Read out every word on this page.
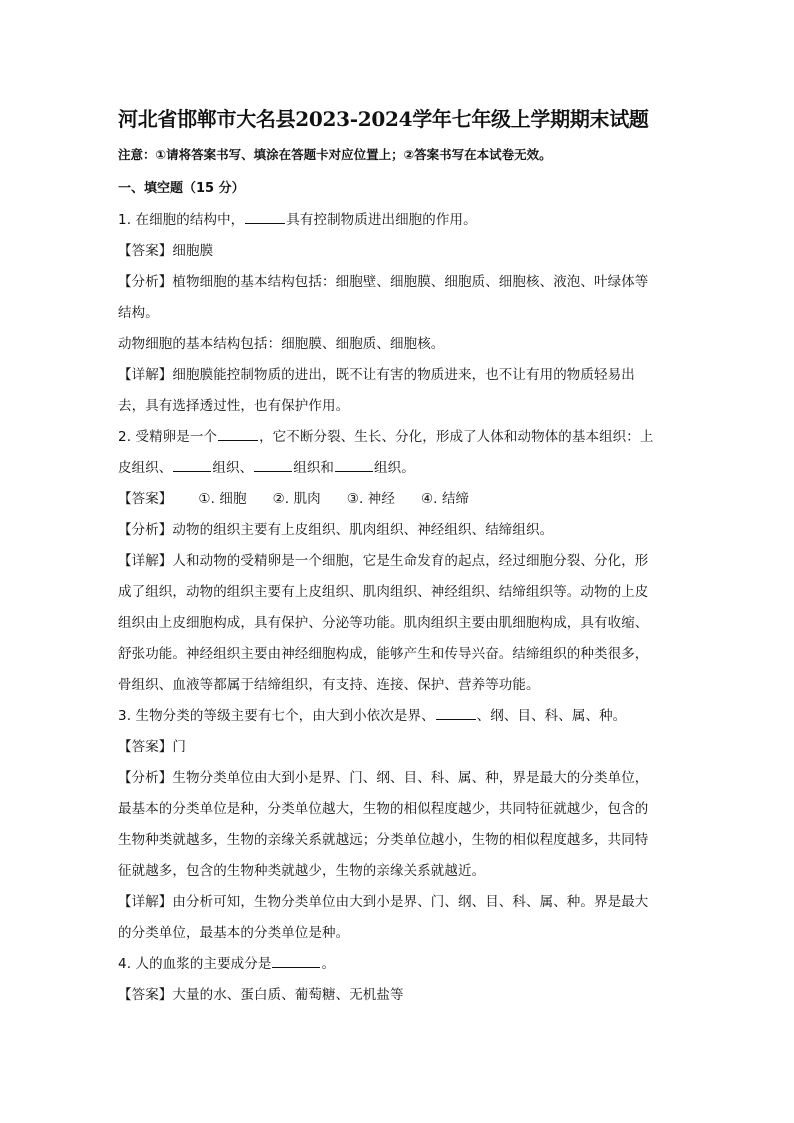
河北省邯郸市大名县2023-2024学年七年级上学期期末试题
注意：①请将答案书写、填涂在答题卡对应位置上；②答案书写在本试卷无效。
一、填空题（15 分）

1. 在细胞的结构中，	具有控制物质进出细胞的作用。

【答案】细胞膜

【分析】植物细胞的基本结构包括：细胞壁、细胞膜、细胞质、细胞核、液泡、叶绿体等

结构。

动物细胞的基本结构包括：细胞膜、细胞质、细胞核。

【详解】细胞膜能控制物质的进出，既不让有害的物质进来，也不让有用的物质轻易出

去，具有选择透过性，也有保护作用。

2. 受精卵是一个	，它不断分裂、生长、分化，形成了人体和动物体的基本组织：上

皮组织、	组织、	组织和	组织。

【答案】 ①. 细胞 ②. 肌肉 ③. 神经 ④. 结缔

【分析】动物的组织主要有上皮组织、肌肉组织、神经组织、结缔组织。

【详解】人和动物的受精卵是一个细胞，它是生命发育的起点，经过细胞分裂、分化，形

成了组织，动物的组织主要有上皮组织、肌肉组织、神经组织、结缔组织等。动物的上皮

组织由上皮细胞构成，具有保护、分泌等功能。肌肉组织主要由肌细胞构成，具有收缩、

舒张功能。神经组织主要由神经细胞构成，能够产生和传导兴奋。结缔组织的种类很多，

骨组织、血液等都属于结缔组织，有支持、连接、保护、营养等功能。

3. 生物分类的等级主要有七个，由大到小依次是界、	、纲、目、科、属、种。

【答案】门

【分析】生物分类单位由大到小是界、门、纲、目、科、属、种，界是最大的分类单位，

最基本的分类单位是种，分类单位越大，生物的相似程度越少，共同特征就越少，包含的

生物种类就越多，生物的亲缘关系就越远；分类单位越小，生物的相似程度越多，共同特

征就越多，包含的生物种类就越少，生物的亲缘关系就越近。

【详解】由分析可知，生物分类单位由大到小是界、门、纲、目、科、属、种。界是最大

的分类单位，最基本的分类单位是种。

4. 人的血浆的主要成分是	。

【答案】大量的水、蛋白质、葡萄糖、无机盐等
